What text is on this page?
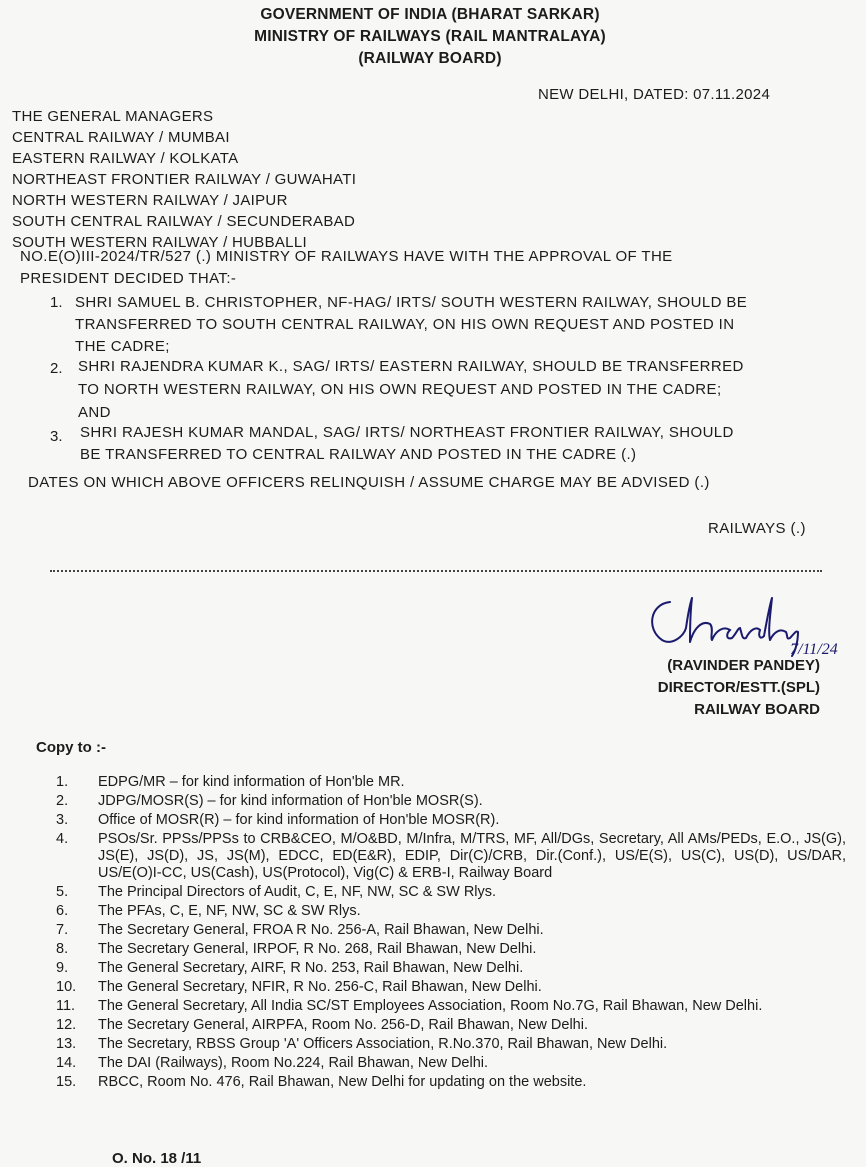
GOVERNMENT OF INDIA (BHARAT SARKAR)
MINISTRY OF RAILWAYS (RAIL MANTRALAYA)
(RAILWAY BOARD)
NEW DELHI, DATED: 07.11.2024
THE GENERAL MANAGERS
CENTRAL RAILWAY / MUMBAI
EASTERN RAILWAY / KOLKATA
NORTHEAST FRONTIER RAILWAY / GUWAHATI
NORTH WESTERN RAILWAY / JAIPUR
SOUTH CENTRAL RAILWAY / SECUNDERABAD
SOUTH WESTERN RAILWAY / HUBBALLI
NO.E(O)III-2024/TR/527 (.) MINISTRY OF RAILWAYS HAVE WITH THE APPROVAL OF THE
PRESIDENT DECIDED THAT:-
1. SHRI SAMUEL B. CHRISTOPHER, NF-HAG/ IRTS/ SOUTH WESTERN RAILWAY, SHOULD BE
TRANSFERRED TO SOUTH CENTRAL RAILWAY, ON HIS OWN REQUEST AND POSTED IN
THE CADRE;
2. SHRI RAJENDRA KUMAR K., SAG/ IRTS/ EASTERN RAILWAY, SHOULD BE TRANSFERRED
TO NORTH WESTERN RAILWAY, ON HIS OWN REQUEST AND POSTED IN THE CADRE;
AND
3. SHRI RAJESH KUMAR MANDAL, SAG/ IRTS/ NORTHEAST FRONTIER RAILWAY, SHOULD
BE TRANSFERRED TO CENTRAL RAILWAY AND POSTED IN THE CADRE (.)
DATES ON WHICH ABOVE OFFICERS RELINQUISH / ASSUME CHARGE MAY BE ADVISED (.)
RAILWAYS (.)
7/11/24
(RAVINDER PANDEY)
DIRECTOR/ESTT.(SPL)
RAILWAY BOARD
Copy to :-
1.	EDPG/MR – for kind information of Hon'ble MR.
2.	JDPG/MOSR(S) – for kind information of Hon'ble MOSR(S).
3.	Office of MOSR(R) – for kind information of Hon'ble MOSR(R).
4.	PSOs/Sr. PPSs/PPSs to CRB&CEO, M/O&BD, M/Infra, M/TRS, MF, All/DGs, Secretary, All AMs/PEDs, E.O., JS(G), JS(E), JS(D), JS, JS(M), EDCC, ED(E&R), EDIP, Dir(C)/CRB, Dir.(Conf.), US/E(S), US(C), US(D), US/DAR, US/E(O)I-CC, US(Cash), US(Protocol), Vig(C) & ERB-I, Railway Board
5.	The Principal Directors of Audit, C, E, NF, NW, SC & SW Rlys.
6.	The PFAs, C, E, NF, NW, SC & SW Rlys.
7.	The Secretary General, FROA R No. 256-A, Rail Bhawan, New Delhi.
8.	The Secretary General, IRPOF, R No. 268, Rail Bhawan, New Delhi.
9.	The General Secretary, AIRF, R No. 253, Rail Bhawan, New Delhi.
10.	The General Secretary, NFIR, R No. 256-C, Rail Bhawan, New Delhi.
11.	The General Secretary, All India SC/ST Employees Association, Room No.7G, Rail Bhawan, New Delhi.
12.	The Secretary General, AIRPFA, Room No. 256-D, Rail Bhawan, New Delhi.
13.	The Secretary, RBSS Group 'A' Officers Association, R.No.370, Rail Bhawan, New Delhi.
14.	The DAI (Railways), Room No.224, Rail Bhawan, New Delhi.
15.	RBCC, Room No. 476, Rail Bhawan, New Delhi for updating on the website.
O. No. 18 /11
